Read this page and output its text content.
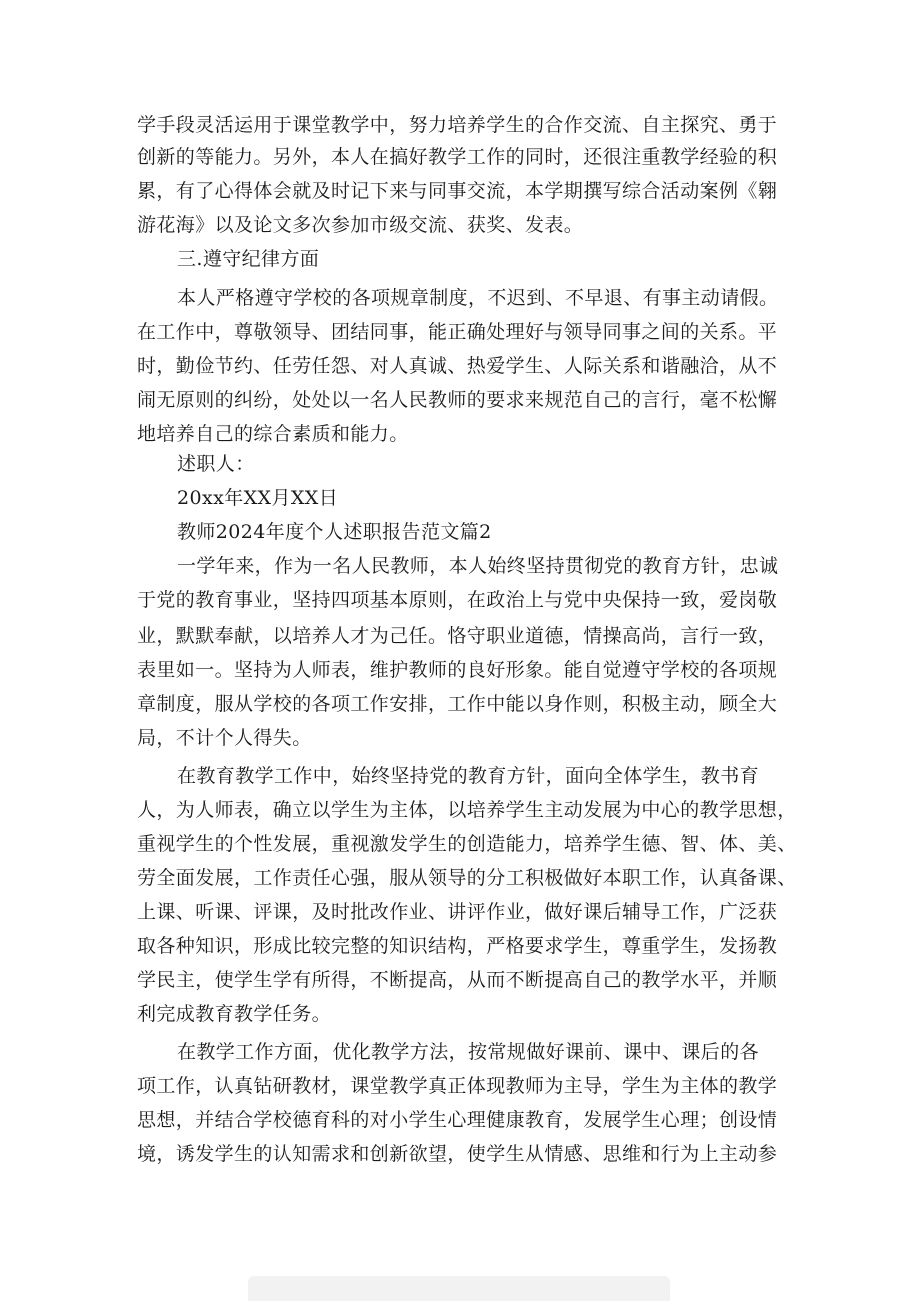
学手段灵活运用于课堂教学中，努力培养学生的合作交流、自主探究、勇于
创新的等能力。另外，本人在搞好教学工作的同时，还很注重教学经验的积
累，有了心得体会就及时记下来与同事交流，本学期撰写综合活动案例《翱
游花海》以及论文多次参加市级交流、获奖、发表。
三.遵守纪律方面
本人严格遵守学校的各项规章制度，不迟到、不早退、有事主动请假。
在工作中，尊敬领导、团结同事，能正确处理好与领导同事之间的关系。平
时，勤俭节约、任劳任怨、对人真诚、热爱学生、人际关系和谐融洽，从不
闹无原则的纠纷，处处以一名人民教师的要求来规范自己的言行，毫不松懈
地培养自己的综合素质和能力。
述职人：
20xx年XX月XX日
教师2024年度个人述职报告范文篇2
一学年来，作为一名人民教师，本人始终坚持贯彻党的教育方针，忠诚
于党的教育事业，坚持四项基本原则，在政治上与党中央保持一致，爱岗敬
业，默默奉献，以培养人才为己任。恪守职业道德，情操高尚，言行一致，
表里如一。坚持为人师表，维护教师的良好形象。能自觉遵守学校的各项规
章制度，服从学校的各项工作安排，工作中能以身作则，积极主动，顾全大
局，不计个人得失。
在教育教学工作中，始终坚持党的教育方针，面向全体学生，教书育
人，为人师表，确立以学生为主体，以培养学生主动发展为中心的教学思想，
重视学生的个性发展，重视激发学生的创造能力，培养学生德、智、体、美、
劳全面发展，工作责任心强，服从领导的分工积极做好本职工作，认真备课、
上课、听课、评课，及时批改作业、讲评作业，做好课后辅导工作，广泛获
取各种知识，形成比较完整的知识结构，严格要求学生，尊重学生，发扬教
学民主，使学生学有所得，不断提高，从而不断提高自己的教学水平，并顺
利完成教育教学任务。
在教学工作方面，优化教学方法，按常规做好课前、课中、课后的各
项工作，认真钻研教材，课堂教学真正体现教师为主导，学生为主体的教学
思想，并结合学校德育科的对小学生心理健康教育，发展学生心理；创设情
境，诱发学生的认知需求和创新欲望，使学生从情感、思维和行为上主动参
